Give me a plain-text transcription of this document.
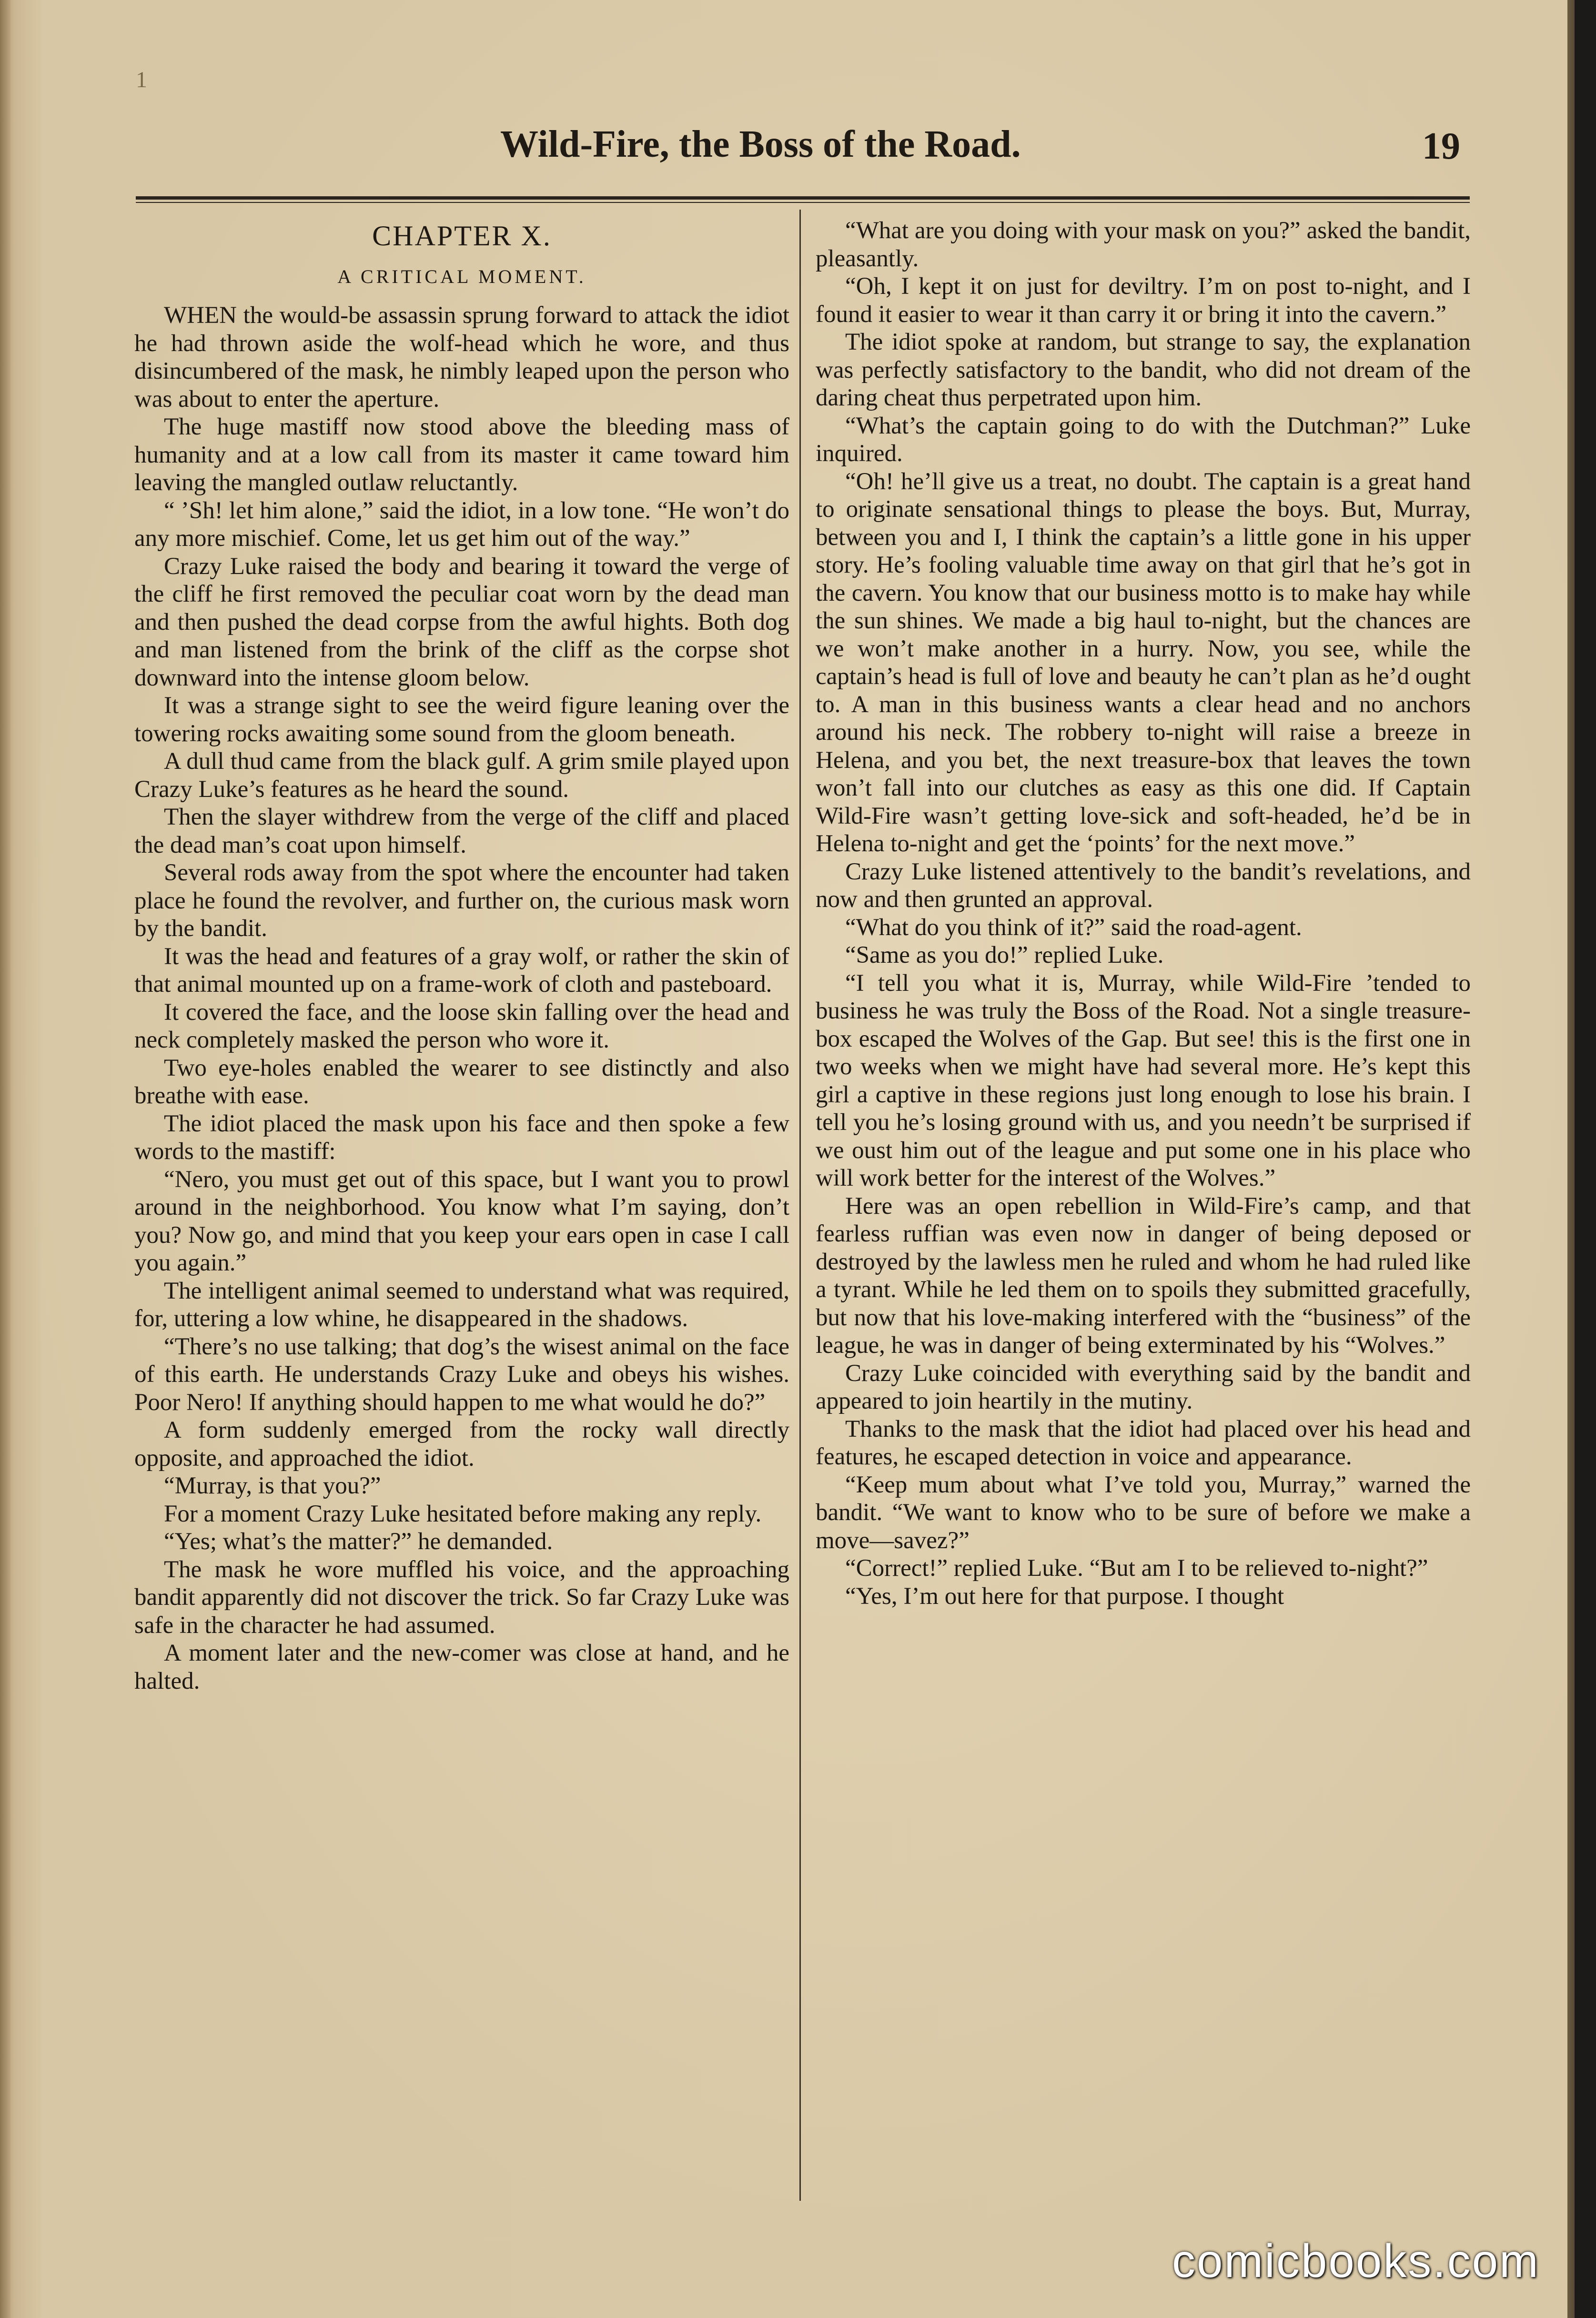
1
Wild-Fire, the Boss of the Road.	19
CHAPTER X.
A CRITICAL MOMENT.

WHEN the would-be assassin sprung forward to attack the idiot he had thrown aside the wolf-head which he wore, and thus disincumbered of the mask, he nimbly leaped upon the person who was about to enter the aperture.

The huge mastiff now stood above the bleeding mass of humanity and at a low call from its master it came toward him leaving the mangled outlaw reluctantly.

“ ’Sh! let him alone,” said the idiot, in a low tone. “He won’t do any more mischief. Come, let us get him out of the way.”

Crazy Luke raised the body and bearing it toward the verge of the cliff he first removed the peculiar coat worn by the dead man and then pushed the dead corpse from the awful hights. Both dog and man listened from the brink of the cliff as the corpse shot downward into the intense gloom below.

It was a strange sight to see the weird figure leaning over the towering rocks awaiting some sound from the gloom beneath.

A dull thud came from the black gulf. A grim smile played upon Crazy Luke’s features as he heard the sound.

Then the slayer withdrew from the verge of the cliff and placed the dead man’s coat upon himself.

Several rods away from the spot where the encounter had taken place he found the revolver, and further on, the curious mask worn by the bandit.

It was the head and features of a gray wolf, or rather the skin of that animal mounted up on a frame-work of cloth and pasteboard.

It covered the face, and the loose skin falling over the head and neck completely masked the person who wore it.

Two eye-holes enabled the wearer to see distinctly and also breathe with ease.

The idiot placed the mask upon his face and then spoke a few words to the mastiff:

“Nero, you must get out of this space, but I want you to prowl around in the neighborhood. You know what I’m saying, don’t you? Now go, and mind that you keep your ears open in case I call you again.”

The intelligent animal seemed to understand what was required, for, uttering a low whine, he disappeared in the shadows.

“There’s no use talking; that dog’s the wisest animal on the face of this earth. He understands Crazy Luke and obeys his wishes. Poor Nero! If anything should happen to me what would he do?”

A form suddenly emerged from the rocky wall directly opposite, and approached the idiot.

“Murray, is that you?”

For a moment Crazy Luke hesitated before making any reply.

“Yes; what’s the matter?” he demanded.

The mask he wore muffled his voice, and the approaching bandit apparently did not discover the trick. So far Crazy Luke was safe in the character he had assumed.

A moment later and the new-comer was close at hand, and he halted.

“What are you doing with your mask on you?” asked the bandit, pleasantly.

“Oh, I kept it on just for deviltry. I’m on post to-night, and I found it easier to wear it than carry it or bring it into the cavern.”

The idiot spoke at random, but strange to say, the explanation was perfectly satisfactory to the bandit, who did not dream of the daring cheat thus perpetrated upon him.

“What’s the captain going to do with the Dutchman?” Luke inquired.

“Oh! he’ll give us a treat, no doubt. The captain is a great hand to originate sensational things to please the boys. But, Murray, between you and I, I think the captain’s a little gone in his upper story. He’s fooling valuable time away on that girl that he’s got in the cavern. You know that our business motto is to make hay while the sun shines. We made a big haul to-night, but the chances are we won’t make another in a hurry. Now, you see, while the captain’s head is full of love and beauty he can’t plan as he’d ought to. A man in this business wants a clear head and no anchors around his neck. The robbery to-night will raise a breeze in Helena, and you bet, the next treasure-box that leaves the town won’t fall into our clutches as easy as this one did. If Captain Wild-Fire wasn’t getting love-sick and soft-headed, he’d be in Helena to-night and get the ‘points’ for the next move.”

Crazy Luke listened attentively to the bandit’s revelations, and now and then grunted an approval.

“What do you think of it?” said the road-agent.

“Same as you do!” replied Luke.

“I tell you what it is, Murray, while Wild-Fire ’tended to business he was truly the Boss of the Road. Not a single treasure-box escaped the Wolves of the Gap. But see! this is the first one in two weeks when we might have had several more. He’s kept this girl a captive in these regions just long enough to lose his brain. I tell you he’s losing ground with us, and you needn’t be surprised if we oust him out of the league and put some one in his place who will work better for the interest of the Wolves.”

Here was an open rebellion in Wild-Fire’s camp, and that fearless ruffian was even now in danger of being deposed or destroyed by the lawless men he ruled and whom he had ruled like a tyrant. While he led them on to spoils they submitted gracefully, but now that his love-making interfered with the “business” of the league, he was in danger of being exterminated by his “Wolves.”

Crazy Luke coincided with everything said by the bandit and appeared to join heartily in the mutiny.

Thanks to the mask that the idiot had placed over his head and features, he escaped detection in voice and appearance.

“Keep mum about what I’ve told you, Murray,” warned the bandit. “We want to know who to be sure of before we make a move—savez?”

“Correct!” replied Luke. “But am I to be relieved to-night?”

“Yes, I’m out here for that purpose. I thought

comicbooks.com
